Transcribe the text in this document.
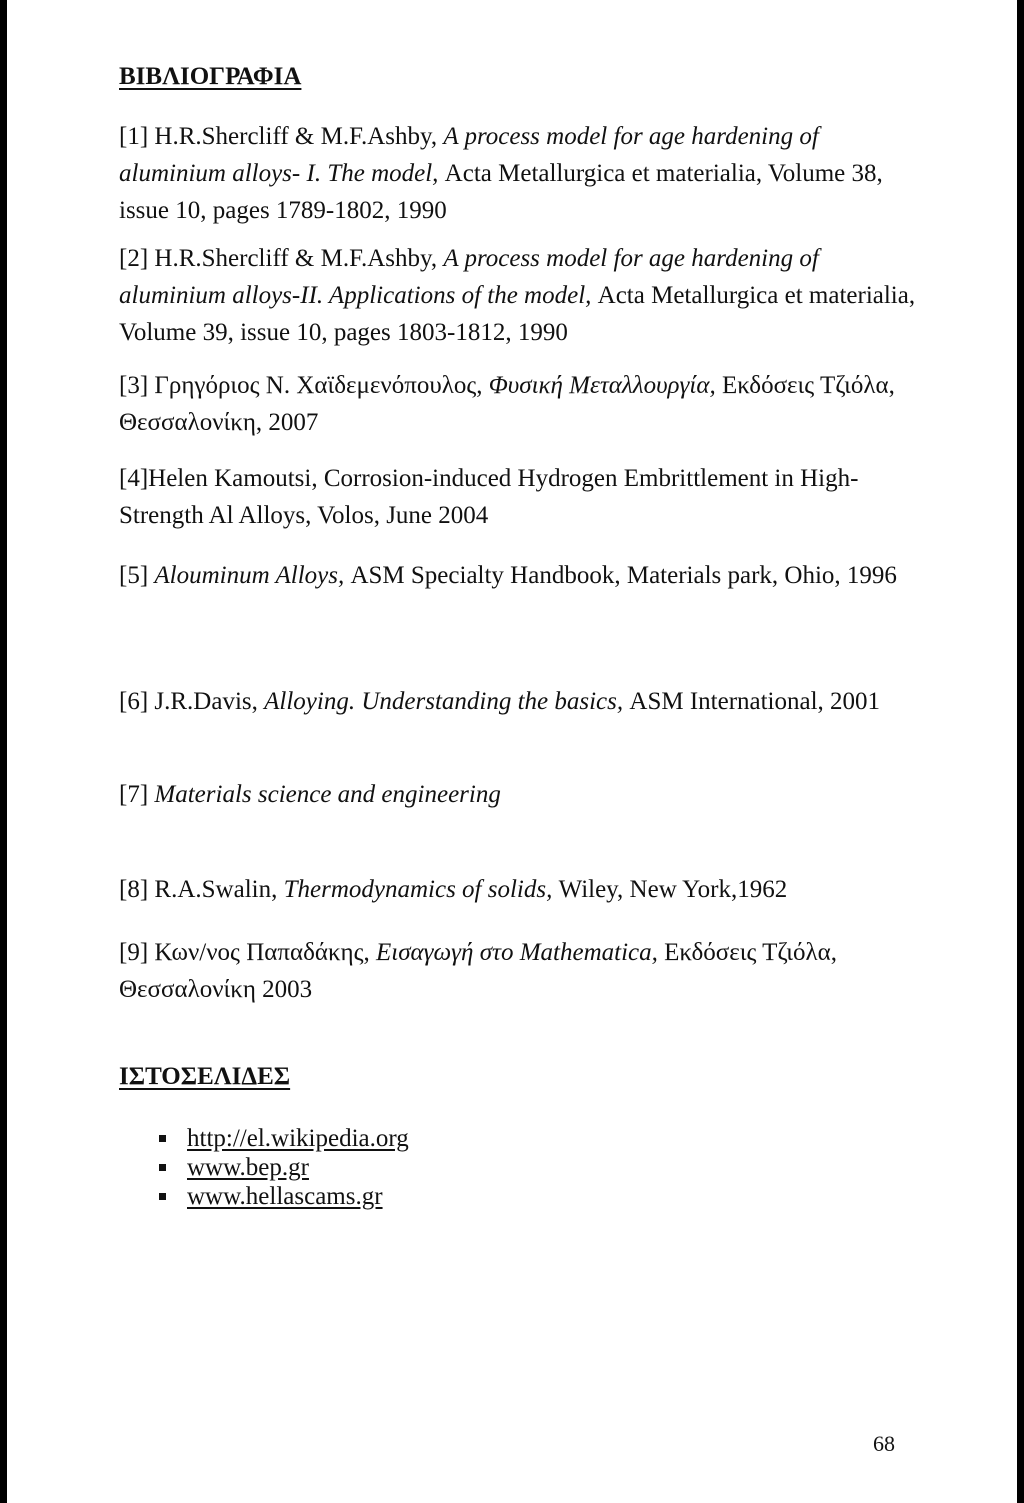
ΒΙΒΛΙΟΓΡΑΦΙΑ

[1] H.R.Shercliff & M.F.Ashby, A process model for age hardening of aluminium alloys- I. The model, Acta Metallurgica et materialia, Volume 38, issue 10, pages 1789-1802, 1990

[2] H.R.Shercliff & M.F.Ashby, A process model for age hardening of aluminium alloys-II. Applications of the model, Acta Metallurgica et materialia, Volume 39, issue 10, pages 1803-1812, 1990

[3] Γρηγόριος Ν. Χαϊδεμενόπουλος, Φυσική Μεταλλουργία, Εκδόσεις Τζιόλα, Θεσσαλονίκη, 2007

[4]Helen Kamoutsi, Corrosion-induced Hydrogen Embrittlement in High-Strength Al Alloys, Volos, June 2004

[5] Alouminum Alloys, ASM Specialty Handbook, Materials park, Ohio, 1996

[6] J.R.Davis, Alloying. Understanding the basics, ASM International, 2001

[7] Materials science and engineering

[8] R.A.Swalin, Thermodynamics of solids, Wiley, New York,1962

[9] Κων/νος Παπαδάκης, Εισαγωγή στο Mathematica, Εκδόσεις Τζιόλα, Θεσσαλονίκη 2003

ΙΣΤΟΣΕΛΙΔΕΣ
http://el.wikipedia.org
www.bep.gr
www.hellascams.gr
68
